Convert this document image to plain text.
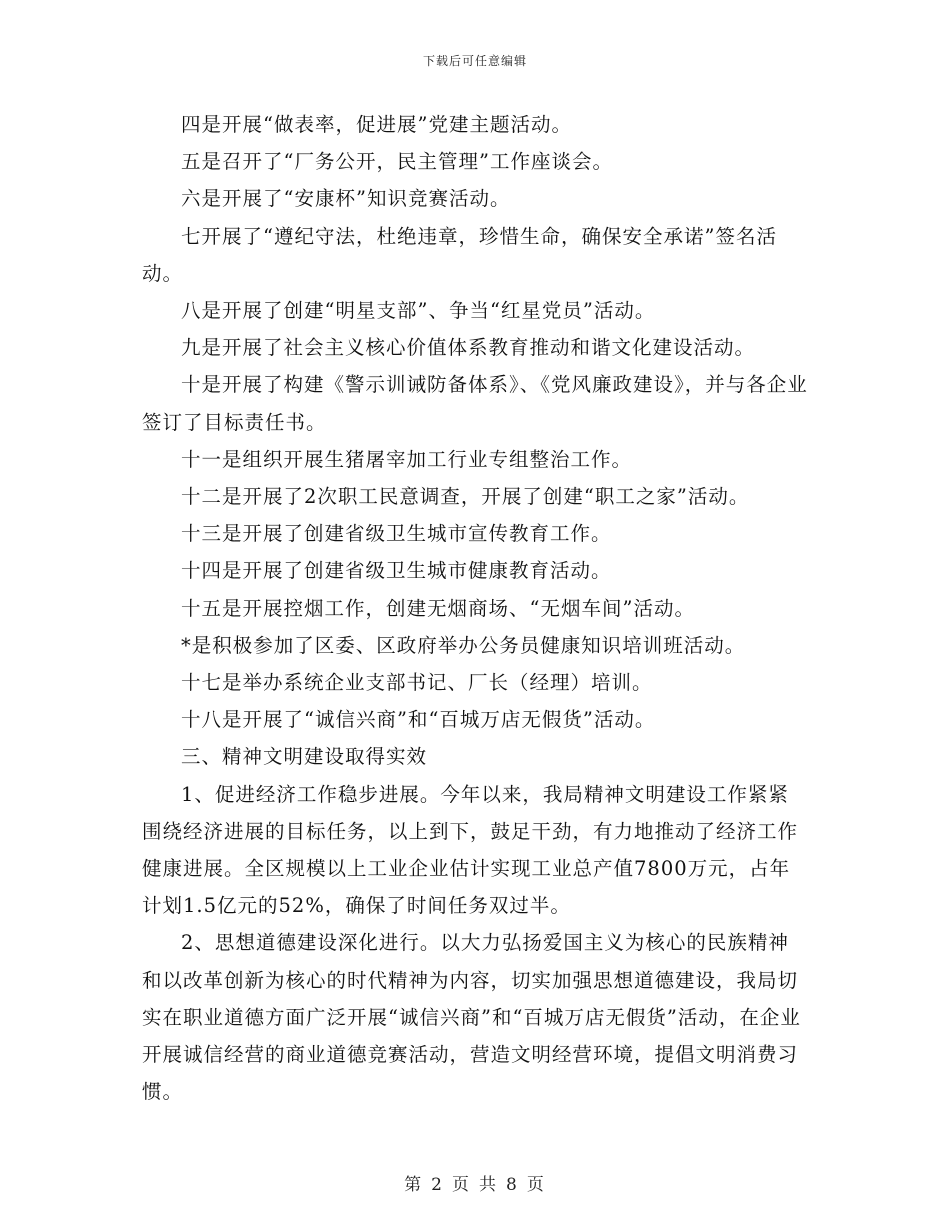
下载后可任意编辑

四是开展“做表率，促进展”党建主题活动。

五是召开了“厂务公开，民主管理”工作座谈会。

六是开展了“安康杯”知识竞赛活动。

七开展了“遵纪守法，杜绝违章，珍惜生命，确保安全承诺”签名活动。

八是开展了创建“明星支部”、争当“红星党员”活动。

九是开展了社会主义核心价值体系教育推动和谐文化建设活动。

十是开展了构建《警示训诫防备体系》、《党风廉政建设》，并与各企业签订了目标责任书。

十一是组织开展生猪屠宰加工行业专组整治工作。

十二是开展了2次职工民意调查，开展了创建“职工之家”活动。

十三是开展了创建省级卫生城市宣传教育工作。

十四是开展了创建省级卫生城市健康教育活动。

十五是开展控烟工作，创建无烟商场、“无烟车间”活动。

*是积极参加了区委、区政府举办公务员健康知识培训班活动。

十七是举办系统企业支部书记、厂长（经理）培训。

十八是开展了“诚信兴商”和“百城万店无假货”活动。

三、精神文明建设取得实效

1、促进经济工作稳步进展。今年以来，我局精神文明建设工作紧紧围绕经济进展的目标任务，以上到下，鼓足干劲，有力地推动了经济工作健康进展。全区规模以上工业企业估计实现工业总产值7800万元，占年计划1.5亿元的52%，确保了时间任务双过半。

2、思想道德建设深化进行。以大力弘扬爱国主义为核心的民族精神和以改革创新为核心的时代精神为内容，切实加强思想道德建设，我局切实在职业道德方面广泛开展“诚信兴商”和“百城万店无假货”活动，在企业开展诚信经营的商业道德竞赛活动，营造文明经营环境，提倡文明消费习惯。

第 2 页 共 8 页
